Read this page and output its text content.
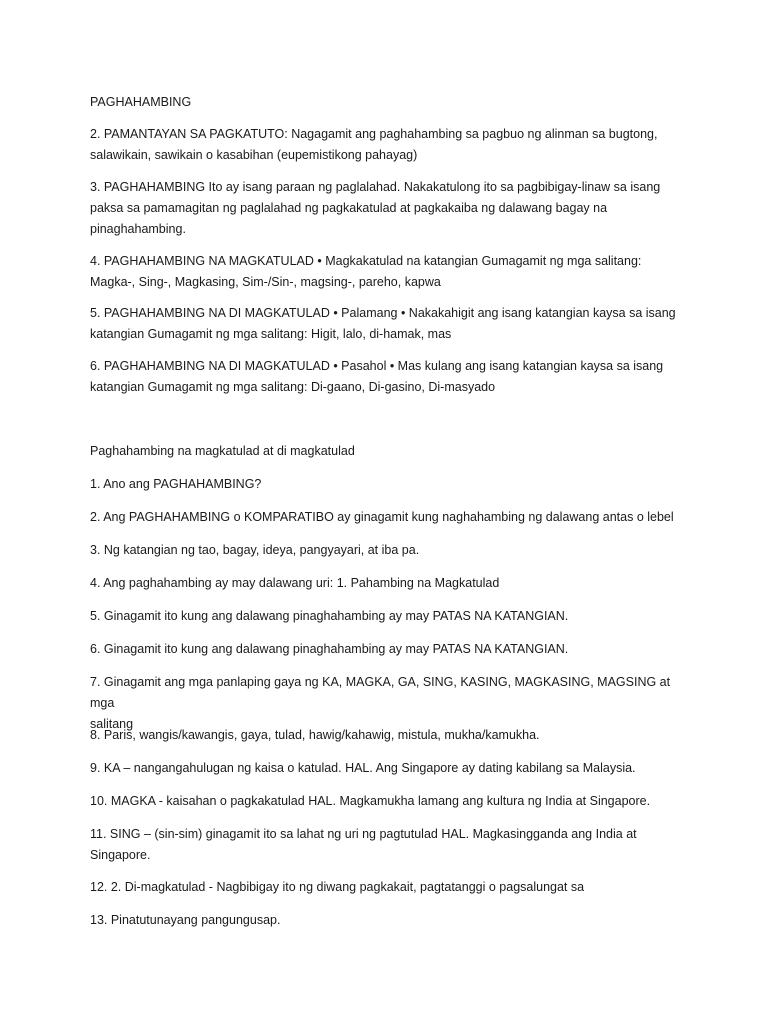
PAGHAHAMBING

2. PAMANTAYAN SA PAGKATUTO: Nagagamit ang paghahambing sa pagbuo ng alinman sa bugtong,
salawikain, sawikain o kasabihan (eupemistikong pahayag)

3. PAGHAHAMBING Ito ay isang paraan ng paglalahad. Nakakatulong ito sa pagbibigay-linaw sa isang
paksa sa pamamagitan ng paglalahad ng pagkakatulad at pagkakaiba ng dalawang bagay na
pinaghahambing.

4. PAGHAHAMBING NA MAGKATULAD • Magkakatulad na katangian Gumagamit ng mga salitang:
Magka-, Sing-, Magkasing, Sim-/Sin-, magsing-, pareho, kapwa

5. PAGHAHAMBING NA DI MAGKATULAD • Palamang • Nakakahigit ang isang katangian kaysa sa isang
katangian Gumagamit ng mga salitang: Higit, lalo, di-hamak, mas

6. PAGHAHAMBING NA DI MAGKATULAD • Pasahol • Mas kulang ang isang katangian kaysa sa isang
katangian Gumagamit ng mga salitang: Di-gaano, Di-gasino, Di-masyado

Paghahambing na magkatulad at di magkatulad

1. Ano ang PAGHAHAMBING?

2. Ang PAGHAHAMBING o KOMPARATIBO ay ginagamit kung naghahambing ng dalawang antas o lebel

3. Ng katangian ng tao, bagay, ideya, pangyayari, at iba pa.

4. Ang paghahambing ay may dalawang uri: 1. Pahambing na Magkatulad

5. Ginagamit ito kung ang dalawang pinaghahambing ay may PATAS NA KATANGIAN.

6. Ginagamit ito kung ang dalawang pinaghahambing ay may PATAS NA KATANGIAN.

7. Ginagamit ang mga panlaping gaya ng KA, MAGKA, GA, SING, KASING, MAGKASING, MAGSING at mga
salitang

8. Paris, wangis/kawangis, gaya, tulad, hawig/kahawig, mistula, mukha/kamukha.

9. KA – nangangahulugan ng kaisa o katulad. HAL. Ang Singapore ay dating kabilang sa Malaysia.

10. MAGKA - kaisahan o pagkakatulad HAL. Magkamukha lamang ang kultura ng India at Singapore.

11. SING – (sin-sim) ginagamit ito sa lahat ng uri ng pagtutulad HAL. Magkasingganda ang India at
Singapore.

12. 2. Di-magkatulad - Nagbibigay ito ng diwang pagkakait, pagtatanggi o pagsalungat sa

13. Pinatutunayang pangungusap.
